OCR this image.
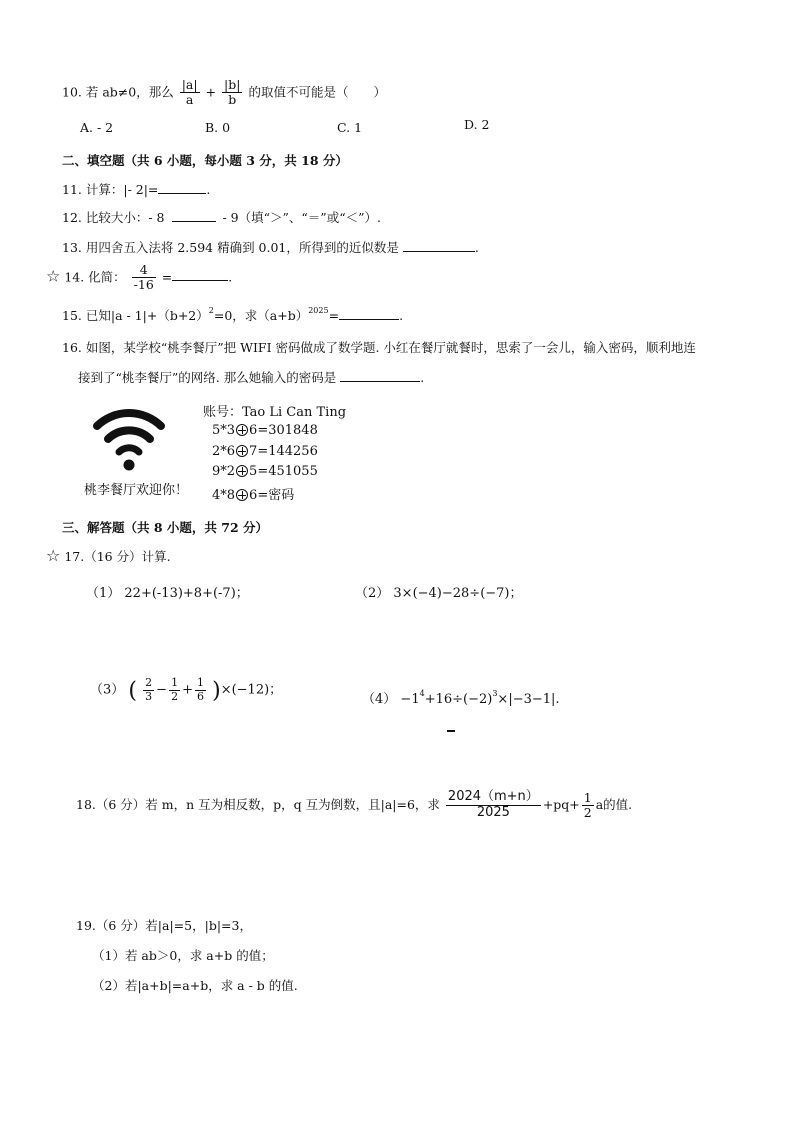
10. 若 ab≠0，那么 $\frac{|a|}{a} + \frac{|b|}{b}$ 的取值不可能是（　　）
A. - 2	B. 0	C. 1	D. 2
二、填空题（共 6 小题，每小题 3 分，共 18 分）
11. 计算：|- 2|=	.
12. 比较大小：- 8	- 9（填“＞”、“＝”或“＜”）.
13. 用四舍五入法将 2.594 精确到 0.01，所得到的近似数是	.
☆ 14. 化简： $\frac{4}{-16}$ =	.
15. 已知$|a - 1|+(b+2)^2=0$，求$(a+b)^{2025}=$	.
16. 如图，某学校“桃李餐厅”把 WIFI 密码做成了数学题. 小红在餐厅就餐时，思索了一会儿，输入密码，顺利地连
接到了“桃李餐厅”的网络. 那么她输入的密码是	.
桃李餐厅欢迎你！
账号：Tao Li Can Ting
5*3 6=301848
2*6 7=144256
9*2 5=451055
4*8 6=密码
三、解答题（共 8 小题，共 72 分）
☆ 17.（16 分）计算.
（1） 22+(-13)+8+(-7)；	（2） 3×(−4)−28÷(−7)；
（3） ( $\frac{2}{3} - \frac{1}{2} + \frac{1}{6} )\times(-12)$；
$(4) -1^4+16\div(-2)^3\times|-3-1|$.
18.（6 分）若 m，n 互为相反数，p，q 互为倒数，且|a|=6，求 $\frac{2024(m+n)}{2025} +pq+ \frac{1}{2}$ a的值.
19.（6 分）若|a|=5，|b|=3，
（1）若 ab＞0，求 a+b 的值；
（2）若|a+b|=a+b，求 a - b 的值.
